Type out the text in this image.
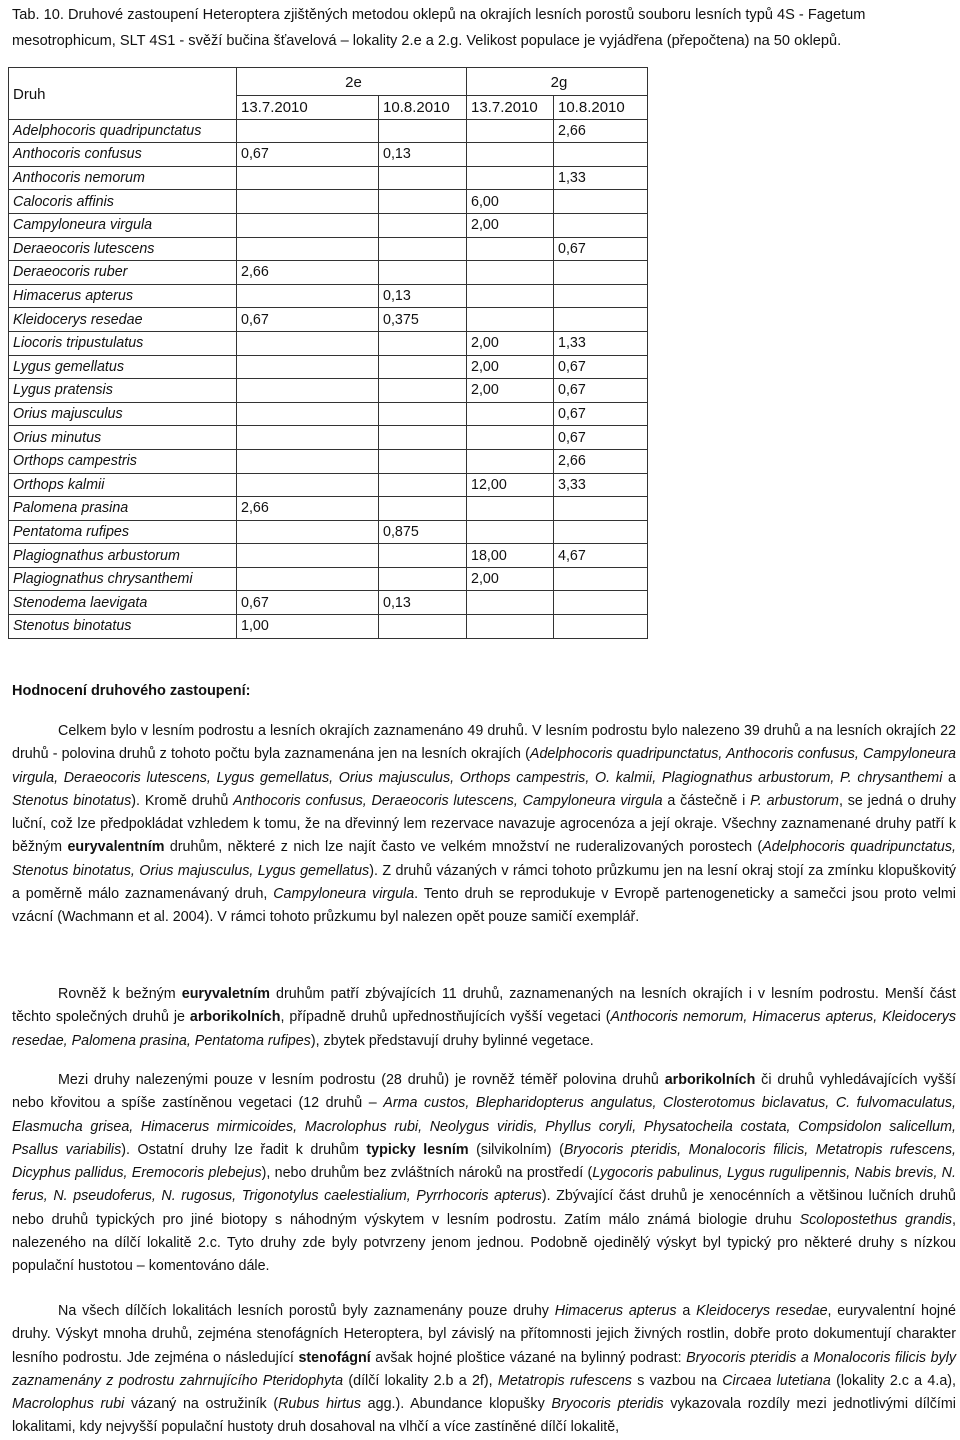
Tab. 10. Druhové zastoupení Heteroptera zjištěných metodou oklepů na okrajích lesních porostů souboru lesních typů 4S - Fagetum mesotrophicum, SLT 4S1 - svěží bučina šťavelová – lokality 2.e a 2.g. Velikost populace je vyjádřena (přepočtena) na 50 oklepů.
Druh	2e		2g	
	13.7.2010	10.8.2010	13.7.2010	10.8.2010
Adelphocoris quadripunctatus				2,66
Anthocoris confusus	0,67	0,13		
Anthocoris nemorum				1,33
Calocoris affinis			6,00	
Campyloneura virgula			2,00	
Deraeocoris lutescens				0,67
Deraeocoris ruber	2,66			
Himacerus apterus		0,13		
Kleidocerys resedae	0,67	0,375		
Liocoris tripustulatus			2,00	1,33
Lygus gemellatus			2,00	0,67
Lygus pratensis			2,00	0,67
Orius majusculus				0,67
Orius minutus				0,67
Orthops campestris				2,66
Orthops kalmii			12,00	3,33
Palomena prasina	2,66			
Pentatoma rufipes		0,875		
Plagiognathus arbustorum			18,00	4,67
Plagiognathus chrysanthemi			2,00	
Stenodema laevigata	0,67	0,13		
Stenotus binotatus	1,00			
Hodnocení druhového zastoupení:

Celkem bylo v lesním podrostu a lesních okrajích zaznamenáno 49 druhů. V lesním podrostu bylo nalezeno 39 druhů a na lesních okrajích 22 druhů - polovina druhů z tohoto počtu byla zaznamenána jen na lesních okrajích (Adelphocoris quadripunctatus, Anthocoris confusus, Campyloneura virgula, Deraeocoris lutescens, Lygus gemellatus, Orius majusculus, Orthops campestris, O. kalmii, Plagiognathus arbustorum, P. chrysanthemi a Stenotus binotatus). Kromě druhů Anthocoris confusus, Deraeocoris lutescens, Campyloneura virgula a částečně i P. arbustorum, se jedná o druhy luční, což lze předpokládat vzhledem k tomu, že na dřevinný lem rezervace navazuje agrocenóza a její okraje. Všechny zaznamenané druhy patří k běžným euryvalentním druhům, některé z nich lze najít často ve velkém množství ne ruderalizovaných porostech (Adelphocoris quadripunctatus, Stenotus binotatus, Orius majusculus, Lygus gemellatus). Z druhů vázaných v rámci tohoto průzkumu jen na lesní okraj stojí za zmínku klopuškovitý a poměrně málo zaznamenávaný druh, Campyloneura virgula. Tento druh se reprodukuje v Evropě partenogeneticky a samečci jsou proto velmi vzácní (Wachmann et al. 2004). V rámci tohoto průzkumu byl nalezen opět pouze samičí exemplář.

Rovněž k bežným euryvaletním druhům patří zbývajících 11 druhů, zaznamenaných na lesních okrajích i v lesním podrostu. Menší část těchto společných druhů je arborikolních, případně druhů upřednostňujících vyšší vegetaci (Anthocoris nemorum, Himacerus apterus, Kleidocerys resedae, Palomena prasina, Pentatoma rufipes), zbytek představují druhy bylinné vegetace.

Mezi druhy nalezenými pouze v lesním podrostu (28 druhů) je rovněž téměř polovina druhů arborikolních či druhů vyhledávajících vyšší nebo křovitou a spíše zastíněnou vegetaci (12 druhů – Arma custos, Blepharidopterus angulatus, Closterotomus biclavatus, C. fulvomaculatus, Elasmucha grisea, Himacerus mirmicoides, Macrolophus rubi, Neolygus viridis, Phyllus coryli, Physatocheila costata, Compsidolon salicellum, Psallus variabilis). Ostatní druhy lze řadit k druhům typicky lesním (silvikolním) (Bryocoris pteridis, Monalocoris filicis, Metatropis rufescens, Dicyphus pallidus, Eremocoris plebejus), nebo druhům bez zvláštních nároků na prostředí (Lygocoris pabulinus, Lygus rugulipennis, Nabis brevis, N. ferus, N. pseudoferus, N. rugosus, Trigonotylus caelestialium, Pyrrhocoris apterus). Zbývající část druhů je xenocénních a většinou lučních druhů nebo druhů typických pro jiné biotopy s náhodným výskytem v lesním podrostu. Zatím málo známá biologie druhu Scolopostethus grandis, nalezeného na dílčí lokalitě 2.c. Tyto druhy zde byly potvrzeny jenom jednou. Podobně ojedinělý výskyt byl typický pro některé druhy s nízkou populační hustotou – komentováno dále.

Na všech dílčích lokalitách lesních porostů byly zaznamenány pouze druhy Himacerus apterus a Kleidocerys resedae, euryvalentní hojné druhy. Výskyt mnoha druhů, zejména stenofágních Heteroptera, byl závislý na přítomnosti jejich živných rostlin, dobře proto dokumentují charakter lesního podrostu. Jde zejména o následující stenofágní avšak hojné ploštice vázané na bylinný podrast: Bryocoris pteridis a Monalocoris filicis byly zaznamenány z podrostu zahrnujícího Pteridophyta (dílčí lokality 2.b a 2f), Metatropis rufescens s vazbou na Circaea lutetiana (lokality 2.c a 4.a), Macrolophus rubi vázaný na ostružiník (Rubus hirtus agg.). Abundance klopušky Bryocoris pteridis vykazovala rozdíly mezi jednotlivými dílčími lokalitami, kdy nejvyšší populační hustoty druh dosahoval na vlhčí a více zastíněné dílčí lokalitě,
